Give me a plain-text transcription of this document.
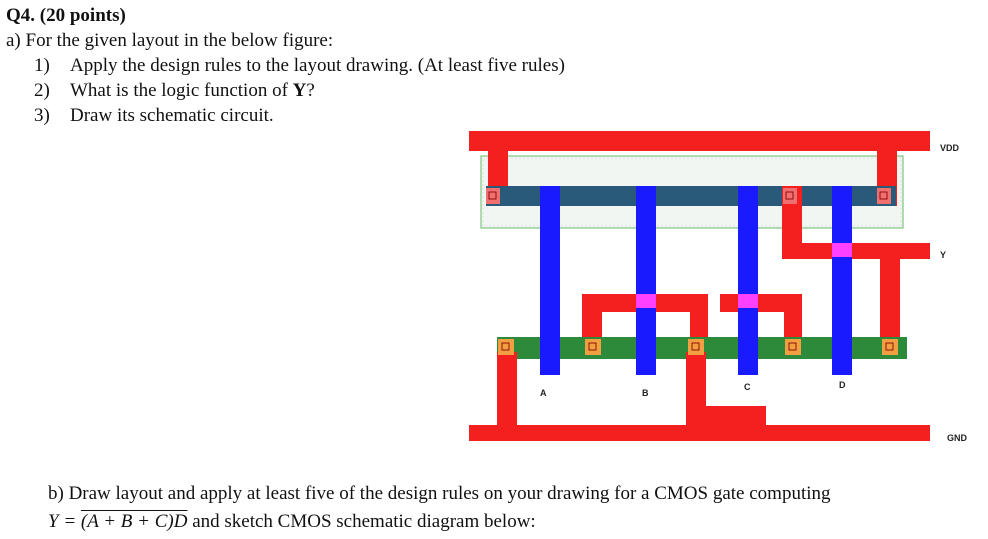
Q4. (20 points)
a) For the given layout in the below figure:
1) Apply the design rules to the layout drawing. (At least five rules)
2) What is the logic function of Y?
3) Draw its schematic circuit.
VDD
Y
GND
A	B
C	D
b) Draw layout and apply at least five of the design rules on your drawing for a CMOS gate computing
Y = (A + B + C)D and sketch CMOS schematic diagram below:
